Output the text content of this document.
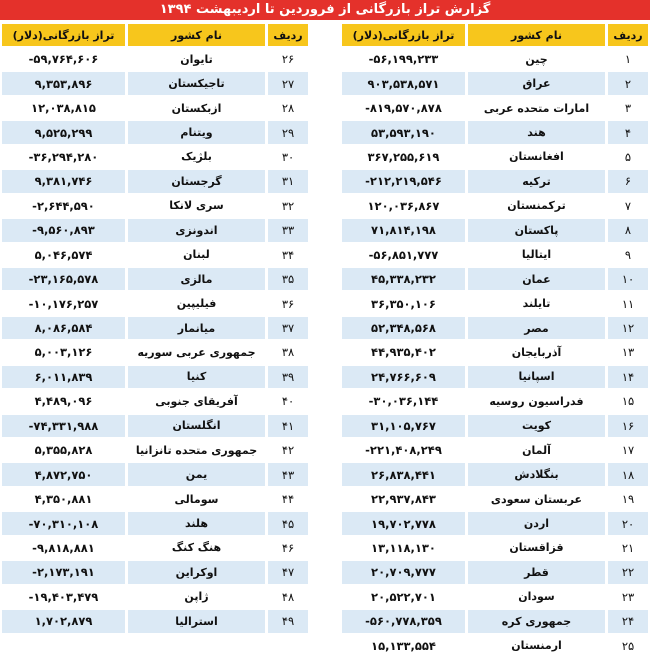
گزارش تراز بازرگانی از فروردین تا اردیبهشت ۱۳۹۴
ردیف	نام کشور	تراز بازرگانی(دلار)
۱	چین	-۵۶,۱۹۹,۲۳۳
۲	عراق	۹۰۳,۵۳۸,۵۷۱
۳	امارات متحده عربی	-۸۱۹,۵۷۰,۸۷۸
۴	هند	۵۳,۵۹۳,۱۹۰
۵	افغانستان	۳۶۷,۲۵۵,۶۱۹
۶	ترکیه	-۲۱۲,۲۱۹,۵۴۶
۷	ترکمنستان	۱۲۰,۰۳۶,۸۶۷
۸	پاکستان	۷۱,۸۱۴,۱۹۸
۹	ایتالیا	-۵۶,۸۵۱,۷۷۷
۱۰	عمان	۴۵,۳۳۸,۲۳۲
۱۱	تایلند	۳۶,۳۵۰,۱۰۶
۱۲	مصر	۵۲,۳۴۸,۵۶۸
۱۳	آذربایجان	۴۴,۹۳۵,۴۰۲
۱۴	اسپانیا	۲۴,۷۶۶,۶۰۹
۱۵	فدراسیون روسیه	-۳۰,۰۳۶,۱۴۴
۱۶	کویت	۳۱,۱۰۵,۷۶۷
۱۷	آلمان	-۲۲۱,۴۰۸,۲۴۹
۱۸	بنگلادش	۲۶,۸۳۸,۴۴۱
۱۹	عربستان سعودی	۲۲,۹۳۷,۸۴۳
۲۰	اردن	۱۹,۷۰۲,۷۷۸
۲۱	قزاقستان	۱۳,۱۱۸,۱۳۰
۲۲	قطر	۲۰,۷۰۹,۷۷۷
۲۳	سودان	۲۰,۵۲۲,۷۰۱
۲۴	جمهوری کره	-۵۶۰,۷۷۸,۳۵۹
۲۵	ارمنستان	۱۵,۱۳۳,۵۵۴
ردیف	نام کشور	تراز بازرگانی(دلار)
۲۶	تایوان	-۵۹,۷۶۴,۶۰۶
۲۷	تاجیکستان	۹,۳۵۳,۸۹۶
۲۸	ازبکستان	۱۲,۰۳۸,۸۱۵
۲۹	ویتنام	۹,۵۲۵,۲۹۹
۳۰	بلژیک	-۳۶,۲۹۴,۲۸۰
۳۱	گرجستان	۹,۳۸۱,۷۴۶
۳۲	سری لانکا	-۲,۶۴۴,۵۹۰
۳۳	اندونزی	-۹,۵۶۰,۸۹۳
۳۴	لبنان	۵,۰۴۶,۵۷۴
۳۵	مالزی	-۲۳,۱۶۵,۵۷۸
۳۶	فیلیپین	-۱۰,۱۷۶,۲۵۷
۳۷	میانمار	۸,۰۸۶,۵۸۴
۳۸	جمهوری عربی سوریه	۵,۰۰۳,۱۲۶
۳۹	کنیا	۶,۰۱۱,۸۳۹
۴۰	آفریقای جنوبی	۴,۴۸۹,۰۹۶
۴۱	انگلستان	-۷۴,۳۳۱,۹۸۸
۴۲	جمهوری متحده تانزانیا	۵,۳۵۵,۸۲۸
۴۳	یمن	۴,۸۷۲,۷۵۰
۴۴	سومالی	۴,۳۵۰,۸۸۱
۴۵	هلند	-۷۰,۳۱۰,۱۰۸
۴۶	هنگ کنگ	-۹,۸۱۸,۸۸۱
۴۷	اوکراین	-۲,۱۷۳,۱۹۱
۴۸	ژاپن	-۱۹,۴۰۳,۴۷۹
۴۹	استرالیا	۱,۷۰۲,۸۷۹
